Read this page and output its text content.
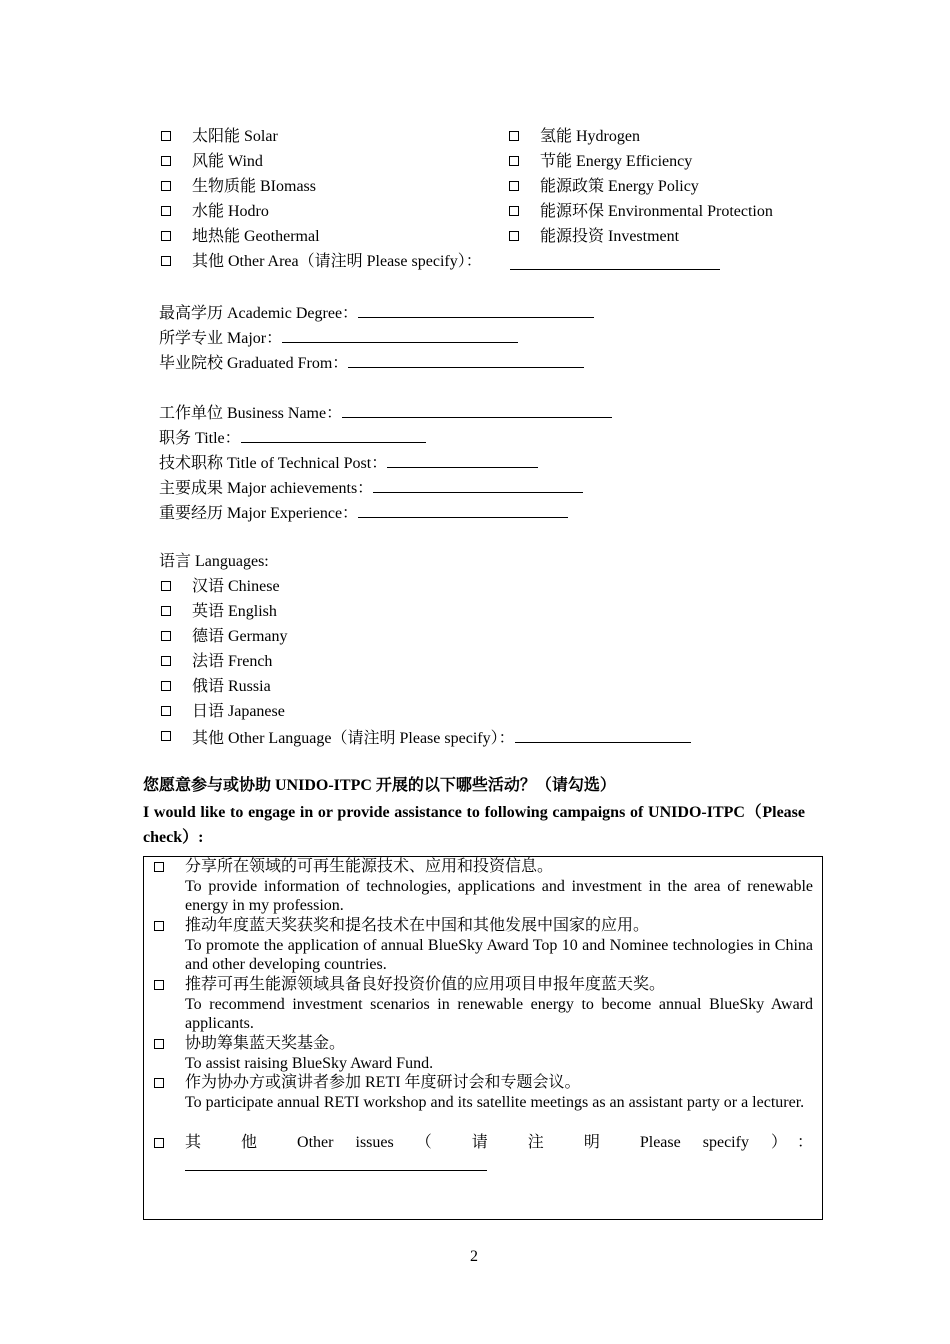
太阳能 Solar
风能 Wind
生物质能 BIomass
水能 Hodro
地热能 Geothermal
氢能 Hydrogen
节能 Energy Efficiency
能源政策 Energy Policy
能源环保 Environmental Protection
能源投资 Investment
其他 Other Area（请注明 Please specify）：
最高学历 Academic Degree：
所学专业 Major：
毕业院校 Graduated From：
工作单位 Business Name：
职务 Title：
技术职称 Title of Technical Post：
主要成果 Major achievements：
重要经历 Major Experience：
语言 Languages:
汉语 Chinese
英语 English
德语 Germany
法语 French
俄语 Russia
日语 Japanese
其他 Other Language（请注明 Please specify）：
您愿意参与或协助 UNIDO-ITPC 开展的以下哪些活动？（请勾选）
I would like to engage in or provide assistance to following campaigns of UNIDO-ITPC（Please check）:
分享所在领域的可再生能源技术、应用和投资信息。
To provide information of technologies, applications and investment in the area of renewable energy in my profession.
推动年度蓝天奖获奖和提名技术在中国和其他发展中国家的应用。
To promote the application of annual BlueSky Award Top 10 and Nominee technologies in China and other developing countries.
推荐可再生能源领域具备良好投资价值的应用项目申报年度蓝天奖。
To recommend investment scenarios in renewable energy to become annual BlueSky Award applicants.
协助筹集蓝天奖基金。
To assist raising BlueSky Award Fund.
作为协办方或演讲者参加 RETI 年度研讨会和专题会议。
To participate annual RETI workshop and its satellite meetings as an assistant party or a lecturer.
其 他 Other issues （ 请 注 明 Please specify ）：
2
